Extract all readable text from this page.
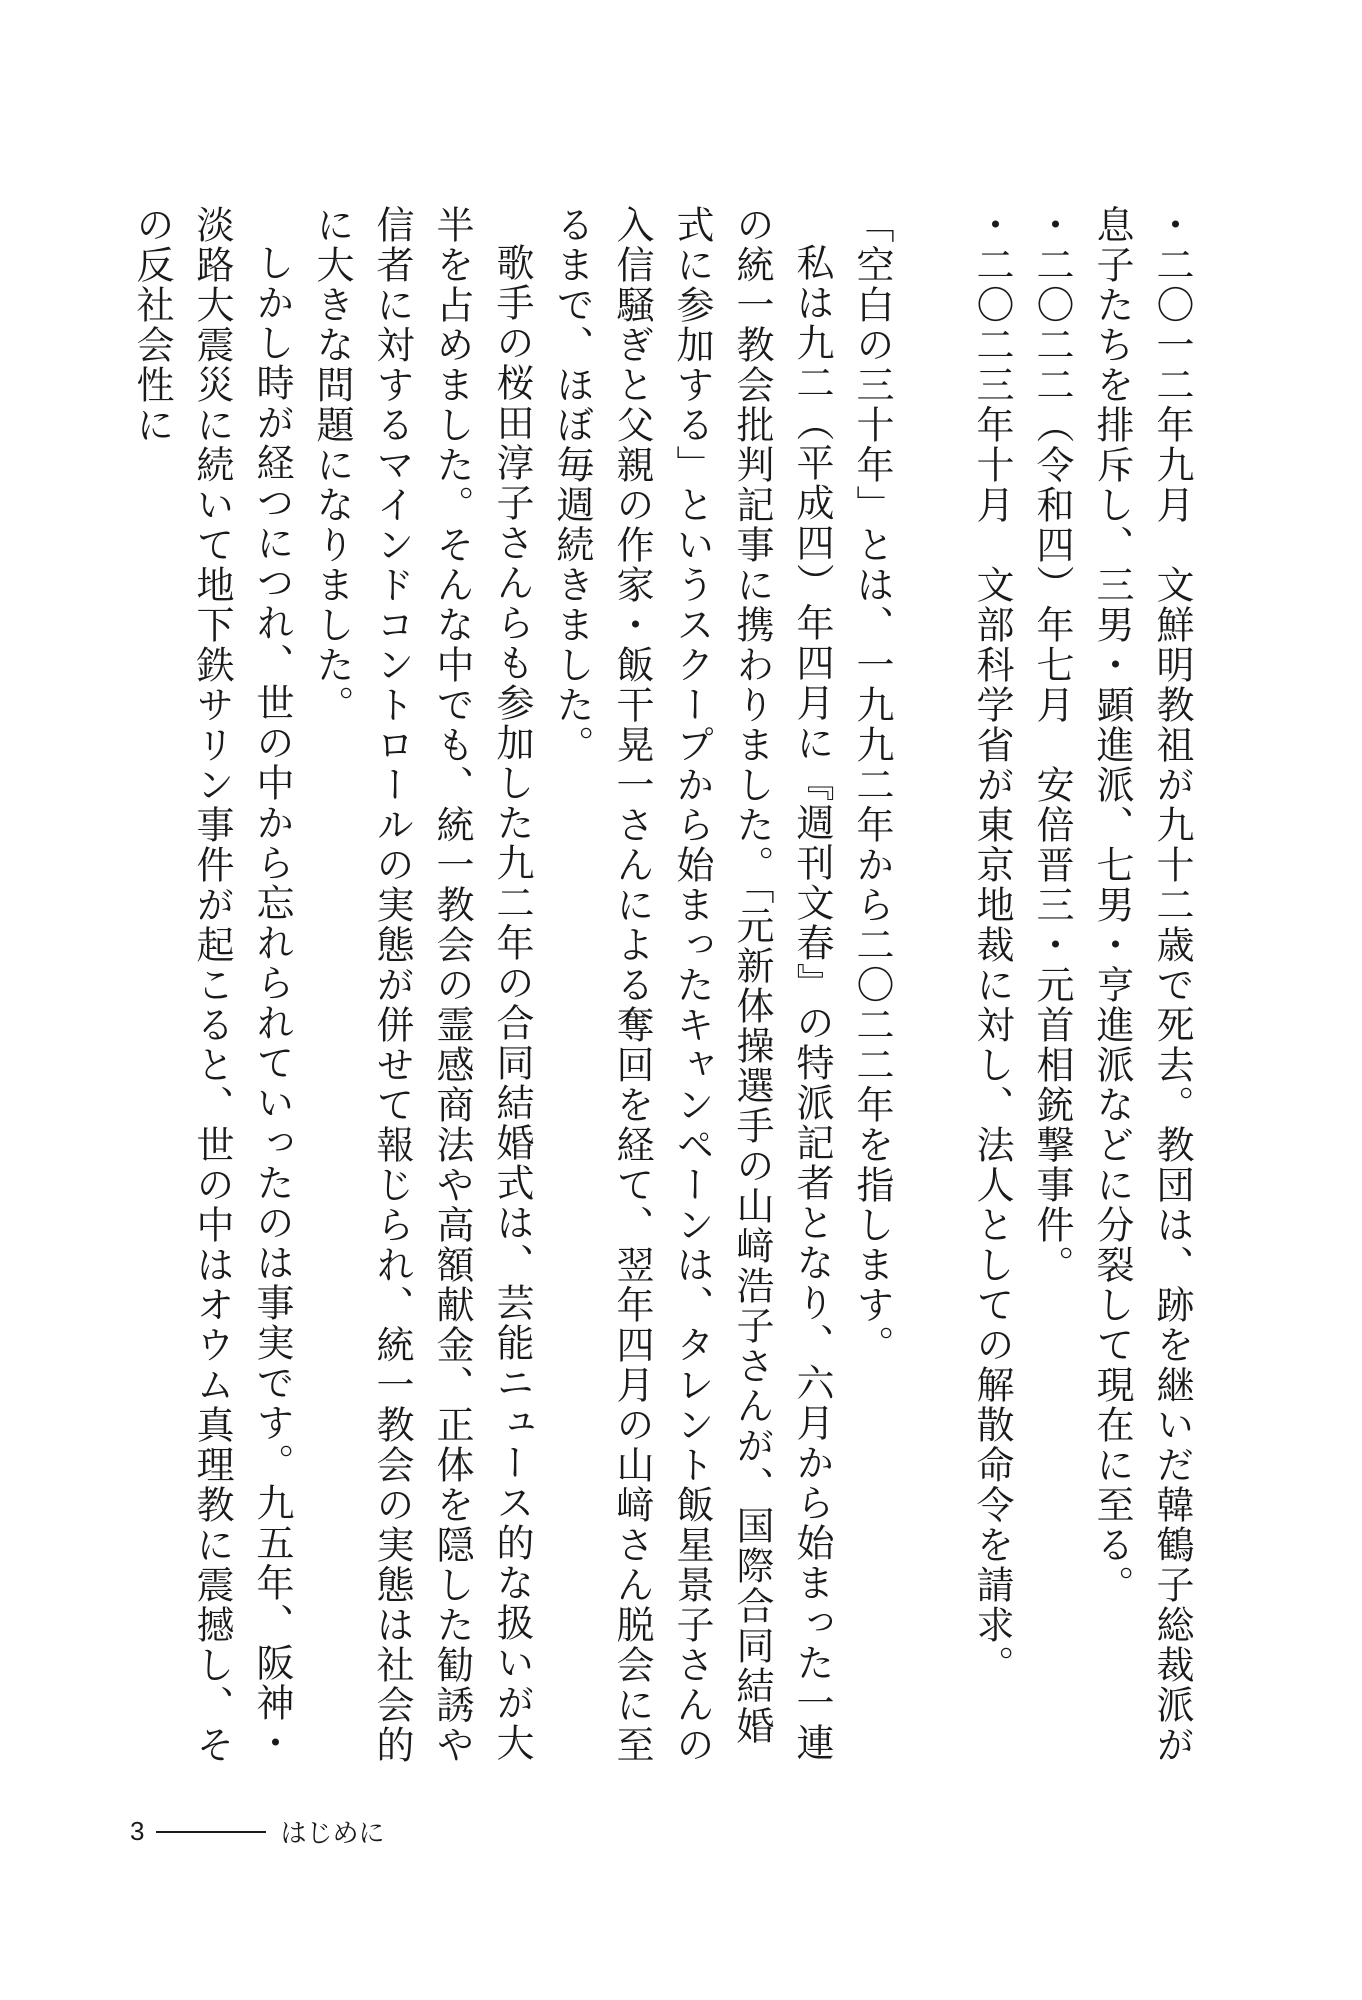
・二〇一二年九月　文鮮明教祖が九十二歳で死去。教団は、跡を継いだ韓鶴子総裁派が息子たちを排斥し、三男・顕進派、七男・亨進派などに分裂して現在に至る。
・二〇二二（令和四）年七月　安倍晋三・元首相銃撃事件。
・二〇二三年十月　文部科学省が東京地裁に対し、法人としての解散命令を請求。

「空白の三十年」とは、一九九二年から二〇二二年を指します。

私は九二（平成四）年四月に『週刊文春』の特派記者となり、六月から始まった一連の統一教会批判記事に携わりました。「元新体操選手の山﨑浩子さんが、国際合同結婚式に参加する」というスクープから始まったキャンペーンは、タレント飯星景子さんの入信騒ぎと父親の作家・飯干晃一さんによる奪回を経て、翌年四月の山﨑さん脱会に至るまで、ほぼ毎週続きました。

歌手の桜田淳子さんらも参加した九二年の合同結婚式は、芸能ニュース的な扱いが大半を占めました。そんな中でも、統一教会の霊感商法や高額献金、正体を隠した勧誘や信者に対するマインドコントロールの実態が併せて報じられ、統一教会の実態は社会的に大きな問題になりました。

しかし時が経つにつれ、世の中から忘れられていったのは事実です。九五年、阪神・淡路大震災に続いて地下鉄サリン事件が起こると、世の中はオウム真理教に震撼し、その反社会性に

3	はじめに
